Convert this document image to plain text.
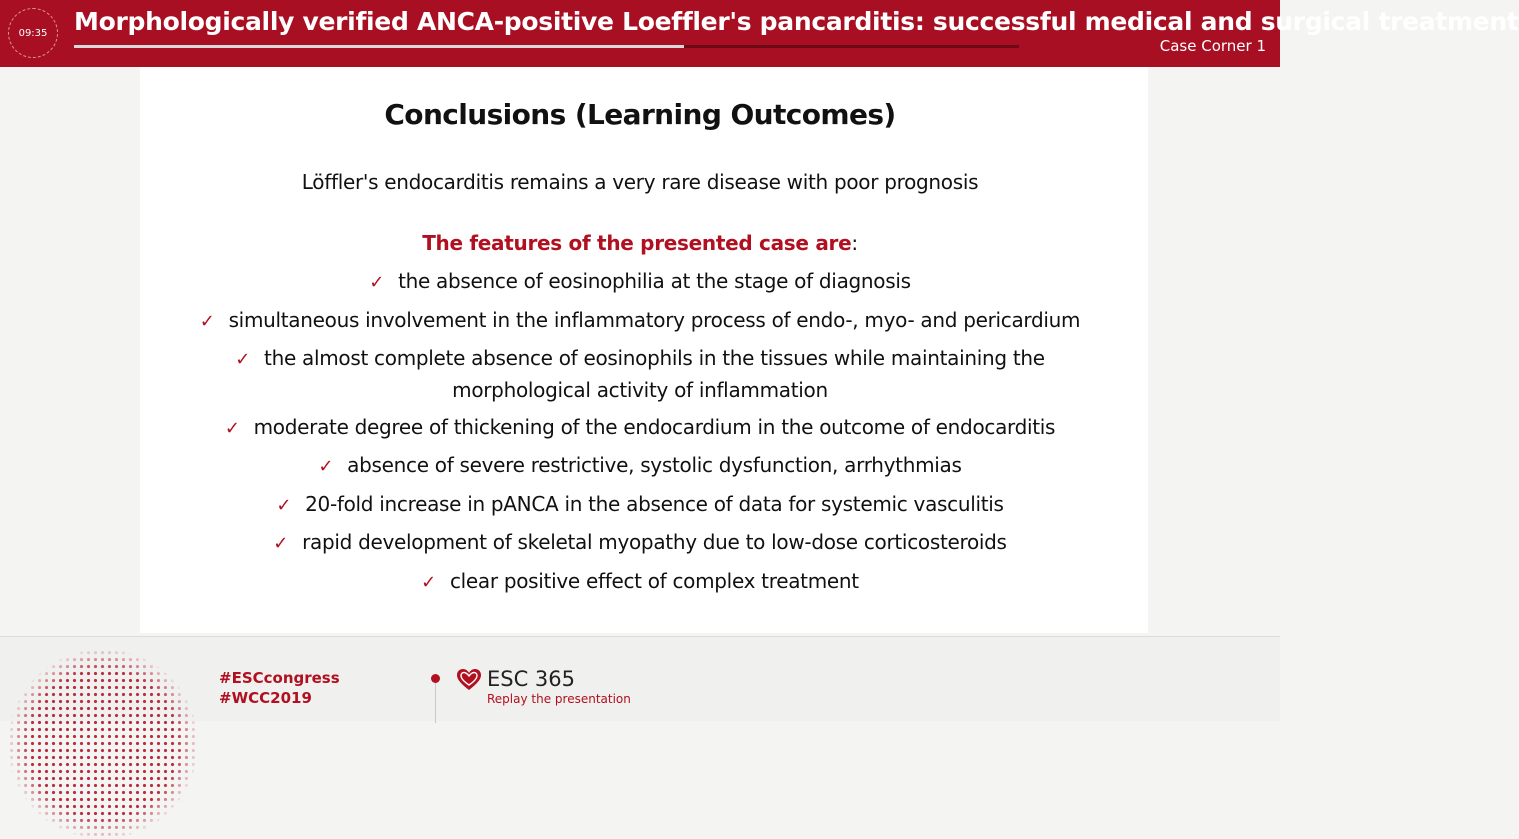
09:35	Morphologically verified ANCA-positive Loeffler's pancarditis: successful medical and surgical treatment
Case Corner 1
Conclusions (Learning Outcomes)
Löffler's endocarditis remains a very rare disease with poor prognosis
The features of the presented case are:
✓ the absence of eosinophilia at the stage of diagnosis
✓ simultaneous involvement in the inflammatory process of endo-, myo- and pericardium
✓ the almost complete absence of eosinophils in the tissues while maintaining the morphological activity of inflammation
✓ moderate degree of thickening of the endocardium in the outcome of endocarditis
✓ absence of severe restrictive, systolic dysfunction, arrhythmias
✓ 20-fold increase in pANCA in the absence of data for systemic vasculitis
✓ rapid development of skeletal myopathy due to low-dose corticosteroids
✓ clear positive effect of complex treatment
#ESCcongress
#WCC2019
ESC 365
Replay the presentation
